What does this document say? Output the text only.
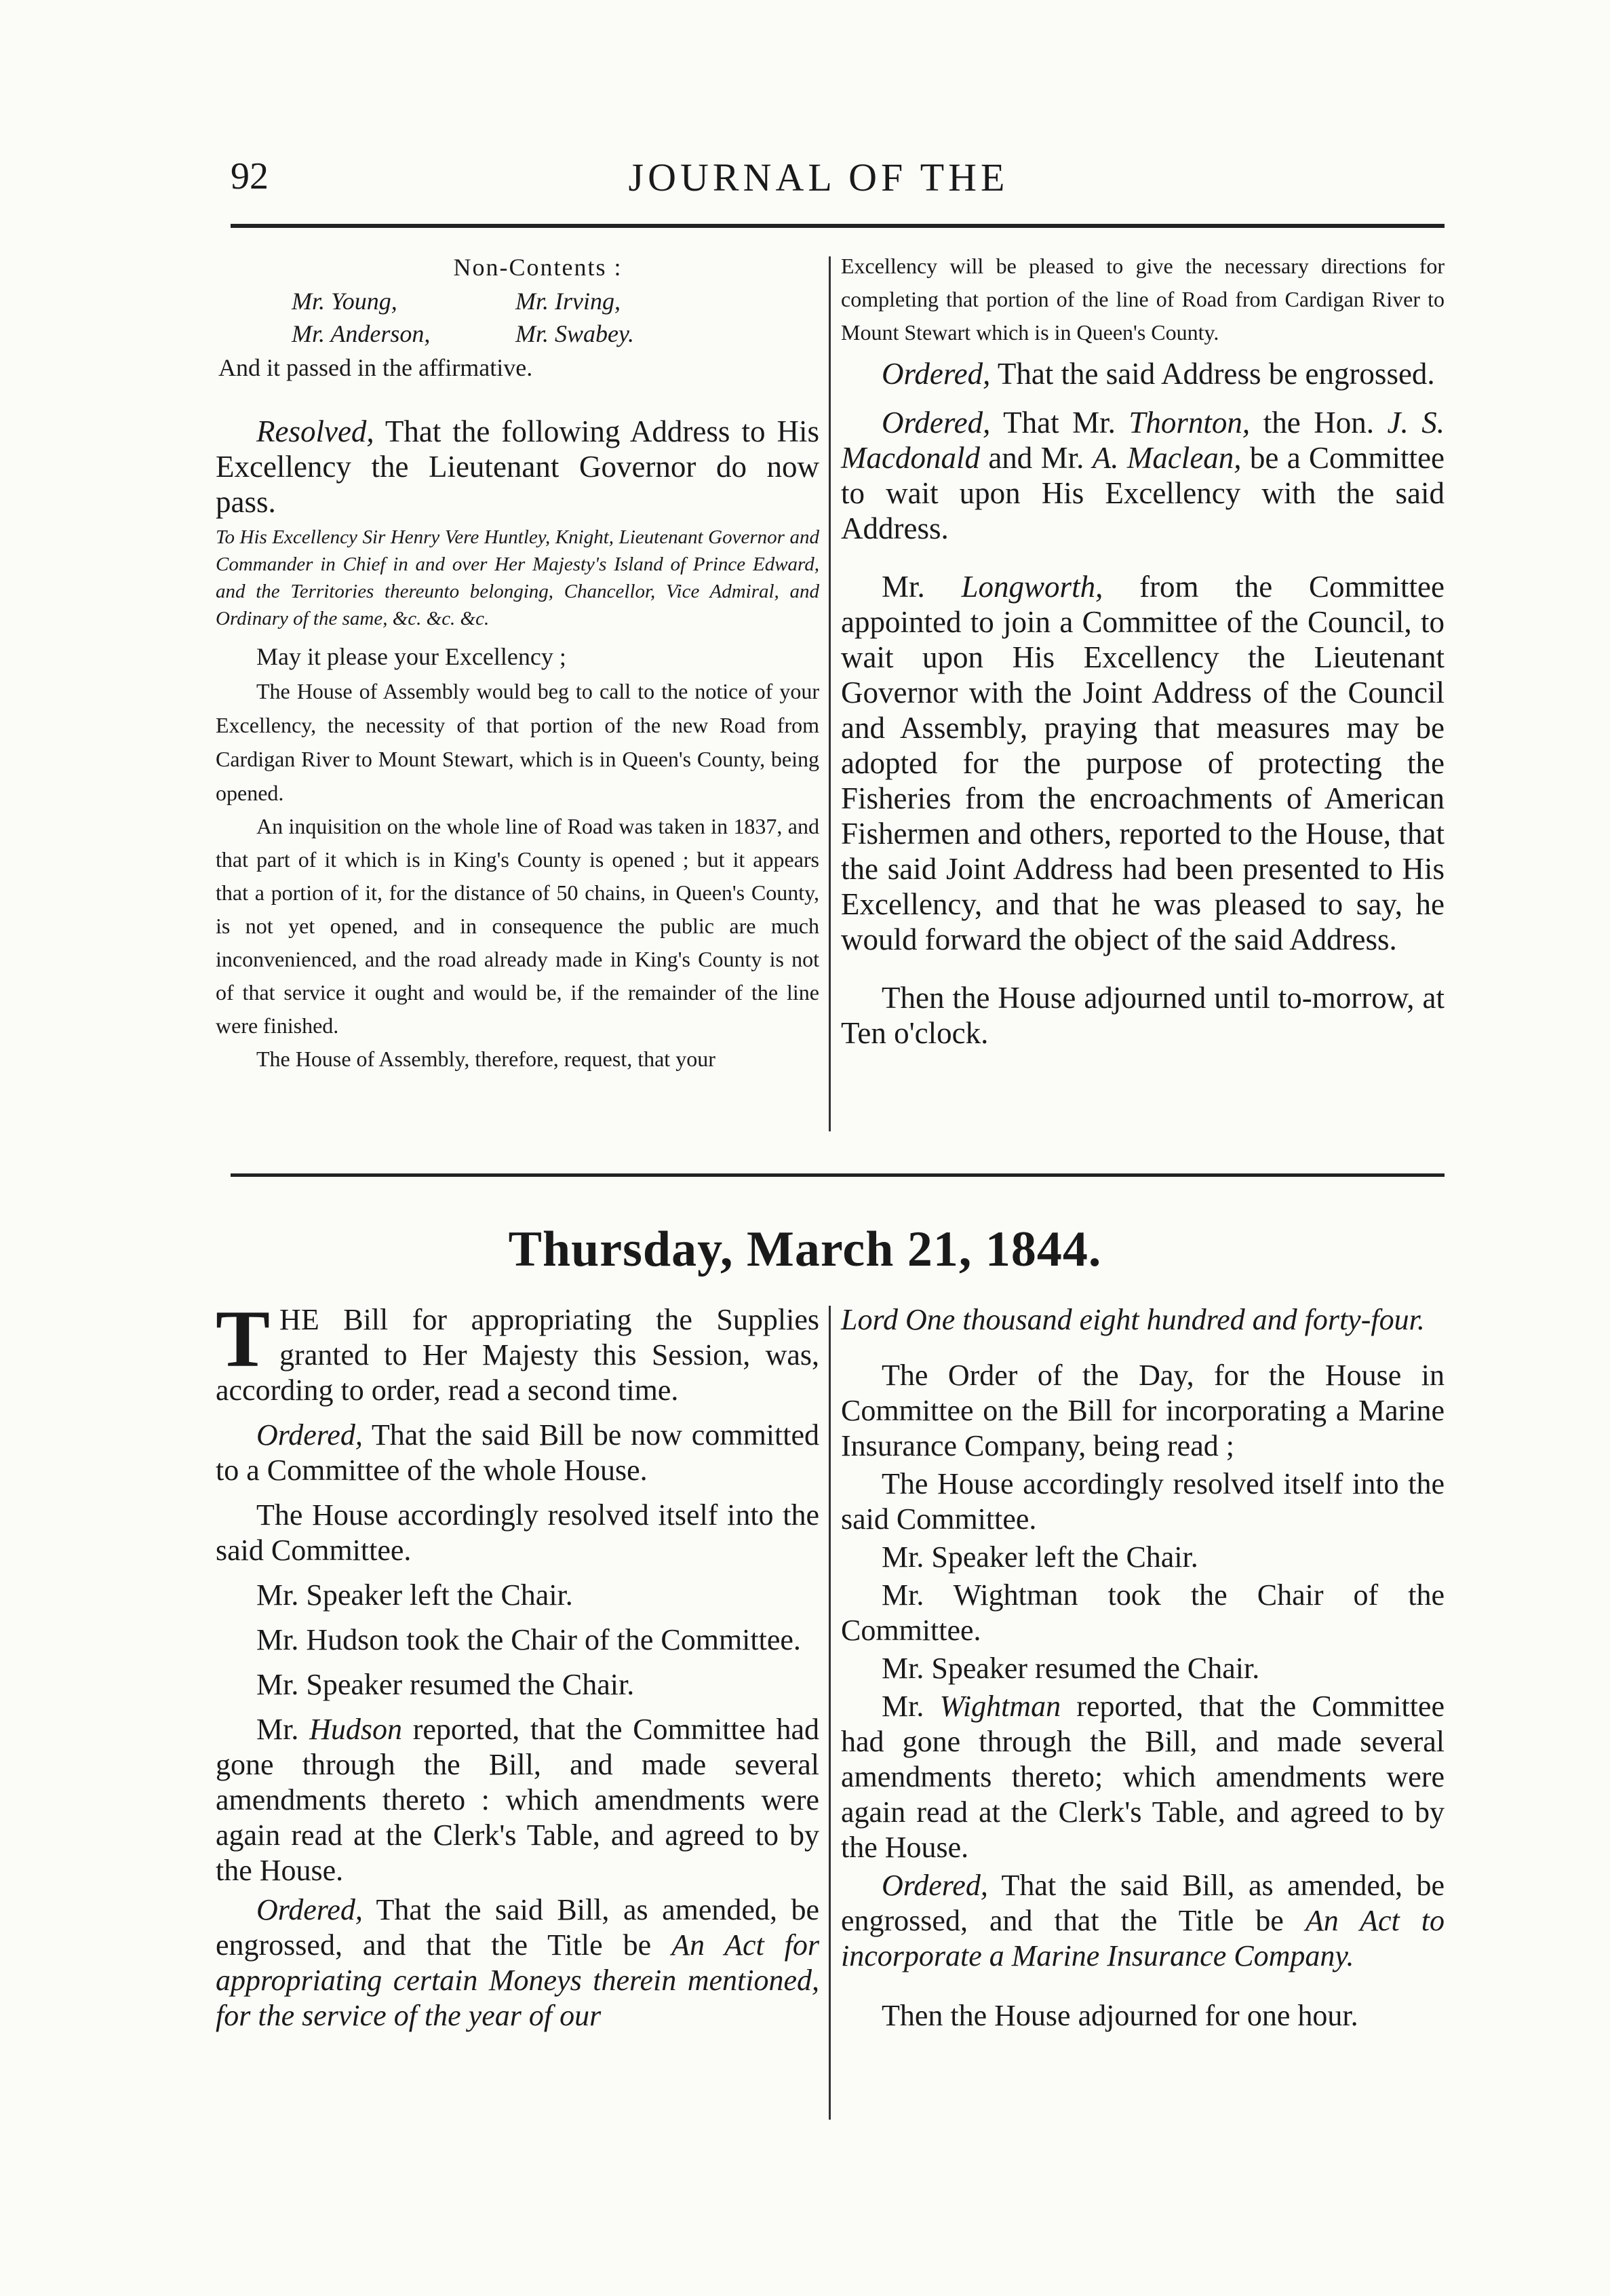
92	JOURNAL OF THE

Non-Contents :

Mr. Young,
Mr. Anderson,
Mr. Irving,
Mr. Swabey.

And it passed in the affirmative.

Resolved, That the following Address to His Excellency the Lieutenant Governor do now pass.

To His Excellency Sir Henry Vere Huntley, Knight, Lieutenant Governor and Commander in Chief in and over Her Majesty's Island of Prince Edward, and the Territories thereunto belonging, Chancellor, Vice Admiral, and Ordinary of the same, &c. &c. &c.

May it please your Excellency ;

The House of Assembly would beg to call to the notice of your Excellency, the necessity of that portion of the new Road from Cardigan River to Mount Stewart, which is in Queen's County, being opened.

An inquisition on the whole line of Road was taken in 1837, and that part of it which is in King's County is opened ; but it appears that a portion of it, for the distance of 50 chains, in Queen's County, is not yet opened, and in consequence the public are much inconvenienced, and the road already made in King's County is not of that service it ought and would be, if the remainder of the line were finished.

The House of Assembly, therefore, request, that your

Excellency will be pleased to give the necessary directions for completing that portion of the line of Road from Cardigan River to Mount Stewart which is in Queen's County.

Ordered, That the said Address be engrossed.

Ordered, That Mr. Thornton, the Hon. J. S. Macdonald and Mr. A. Maclean, be a Committee to wait upon His Excellency with the said Address.

Mr. Longworth, from the Committee appointed to join a Committee of the Council, to wait upon His Excellency the Lieutenant Governor with the Joint Address of the Council and Assembly, praying that measures may be adopted for the purpose of protecting the Fisheries from the encroachments of American Fishermen and others, reported to the House, that the said Joint Address had been presented to His Excellency, and that he was pleased to say, he would forward the object of the said Address.

Then the House adjourned until to-morrow, at Ten o'clock.

Thursday, March 21, 1844.

THE Bill for appropriating the Supplies granted to Her Majesty this Session, was, according to order, read a second time.

Ordered, That the said Bill be now committed to a Committee of the whole House.

The House accordingly resolved itself into the said Committee.

Mr. Speaker left the Chair.

Mr. Hudson took the Chair of the Committee.

Mr. Speaker resumed the Chair.

Mr. Hudson reported, that the Committee had gone through the Bill, and made several amendments thereto : which amendments were again read at the Clerk's Table, and agreed to by the House.

Ordered, That the said Bill, as amended, be engrossed, and that the Title be An Act for appropriating certain Moneys therein mentioned, for the service of the year of our

Lord One thousand eight hundred and forty-four.

The Order of the Day, for the House in Committee on the Bill for incorporating a Marine Insurance Company, being read ;

The House accordingly resolved itself into the said Committee.

Mr. Speaker left the Chair.

Mr. Wightman took the Chair of the Committee.

Mr. Speaker resumed the Chair.

Mr. Wightman reported, that the Committee had gone through the Bill, and made several amendments thereto; which amendments were again read at the Clerk's Table, and agreed to by the House.

Ordered, That the said Bill, as amended, be engrossed, and that the Title be An Act to incorporate a Marine Insurance Company.

Then the House adjourned for one hour.
